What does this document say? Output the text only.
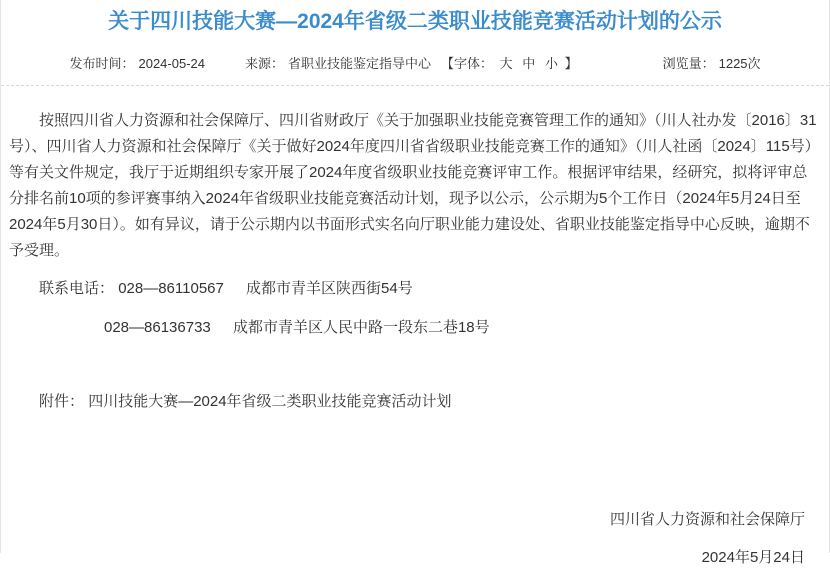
关于四川技能大赛—2024年省级二类职业技能竞赛活动计划的公示
发布时间： 2024-05-24	来源： 省职业技能鉴定指导中心 【字体： 大 中 小 】	浏览量： 1225次

按照四川省人力资源和社会保障厅、四川省财政厅《关于加强职业技能竞赛管理工作的通知》（川人社办发〔2016〕31号）、四川省人力资源和社会保障厅《关于做好2024年度四川省省级职业技能竞赛工作的通知》（川人社函〔2024〕115号）等有关文件规定，我厅于近期组织专家开展了2024年度省级职业技能竞赛评审工作。根据评审结果，经研究，拟将评审总分排名前10项的参评赛事纳入2024年省级职业技能竞赛活动计划，现予以公示，公示期为5个工作日（2024年5月24日至2024年5月30日）。如有异议，请于公示期内以书面形式实名向厅职业能力建设处、省职业技能鉴定指导中心反映，逾期不予受理。

联系电话： 028—86110567 成都市青羊区陕西街54号
028—86136733 成都市青羊区人民中路一段东二巷18号
附件： 四川技能大赛—2024年省级二类职业技能竞赛活动计划
四川省人力资源和社会保障厅
2024年5月24日
